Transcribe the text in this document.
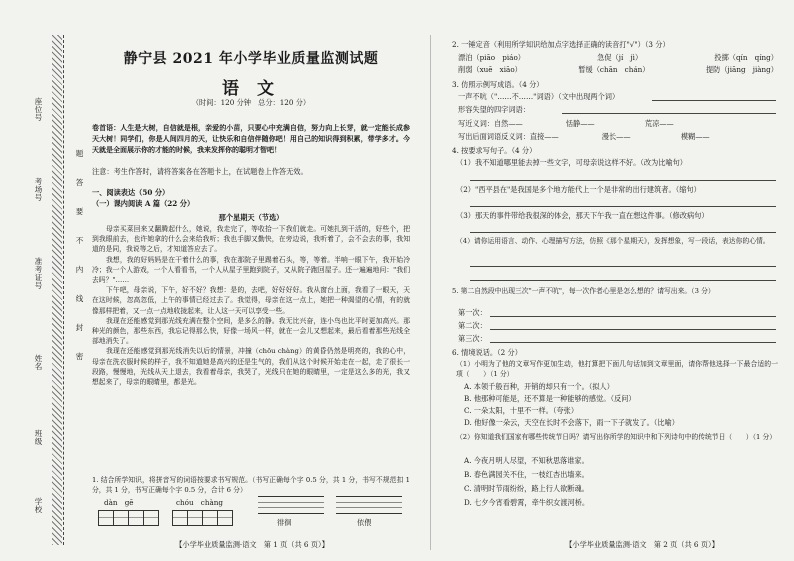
座位号
考场号
准考证号
姓名
班级
学校
题
答
要
不
内
线
封
密
静宁县 2021 年小学毕业质量监测试题
语 文
（时间：120 分钟　总分：120 分）
卷首语：人生是大树，自信就是根，亲爱的小苗，只要心中充满自信，努力向上长芽，就一定能长成参天大树！同学们，你是人间四月的天，让快乐和自信伴随你吧！用自己的知识得到积累，带学多才。今天就是全面展示你的才能的时候，我来发挥你的聪明才智吧！
注意：考生作答时，请将答案各在答题卡上，在试题卷上作答无效。
一、阅读表达（50 分）
（一）课内阅读 A 篇（22 分）
那个星期天（节选）
母亲买菜回来又翻腾起什么，她说，我走完了，等收拾一下我们就走。可她扎到干活的，好些个，把到我眼前去，也许她拿的什么会来给我听；我也手脚又勤快，在旁边说，我听着了，会不会去的事，我知道的是同，我说等之后，才知道答应去了。
我想，我的好妈妈是在干着什么的事，我在那院子里踢着石头，等，等着。半响一眼下午，我开始冷冷；我一个人游戏，一个人看看书，一个人从屋子里跑到院子，又从院子跑回屋子。还一遍遍地问："我们去吗？"……
下午吧，母亲说，下午，好不好？我想：是的，去吧，好好好好。我从窗台上面，我看了一眼天，天在这时候，忽高忽低，上午的事情已经过去了。我觉得，母亲在这一点上，她把一种渴望的心情，有的就像那样把着，又一点一点地收拢起来，让人这一天可以享受一些。
我现在还能感觉到那光线充满在整个空间，是多么的静。我无比兴奋，连小鸟也比平时更加高兴。那种光的颜色，那些东西，我忘记得那么快，好像一场风一样，就在一会儿又想起来，最后看着那些光线全部地消失了。
我现在还能感觉到那光线消失以后的情景，冲撞（chōu chàng）的黄昏仍然是明亮的，我的心中，母亲在洗衣服时候的样子，我不知道她是高兴的还是生气的，我们从这个时候开始走在一起，走了很长一段路，慢慢地，光线从天上退去，我看着母亲，我哭了，光线只在她的眼睛里，一定是这么多的光，我又想起来了，母亲的眼睛里，都是光。
1. 结合所学知识，将拼音写的词语按要求书写规范。（书写正确每个字 0.5 分，共 1 分，书写不规范扣 1 分，共 1 分，书写正确每个字 0.5 分，合计 6 分）
dàn　gē	chóu　chàng
徘徊	依偎
【小学毕业质量监测·语文　第 1 页（共 6 页）】
2. 一锤定音（利用所学知识给加点字选择正确的读音打"√"）（3 分）
漂泊（piāo　piáo）	急促（jí　jì）	投掷（qín　qíng）
削弱（xuē　xiāo）	暂缓（chān　chán）	提防（jiāng　jiàng）
3. 仿照示例写成语。（4 分）
一声不吭（"……不……"词语）（文中出现两个词）
形容失望的四字词语：
写近义词：自然——　　　　　　恬静——　　　　　　　荒凉——
写出后面词语反义词：直接——　　　　　　漫长——　　　　　　　模糊——
4. 按要求写句子。（4 分）
（1）我不知道哪里能去掉一些文字，可母亲说这样不好。（改为比喻句）
（2）"西平县在"是我国是多个地方能代上一个是非常的出行建筑者。（缩句）
（3）那天的事件带给我很深的体会，那天下午我一直在想这件事。（修改病句）
（4）请你运用语言、动作、心理描写方法，仿照《那个星期天》，发挥想象，写一段话，表达你的心情。
5. 第二自然段中出现三次"一声不吭"，每一次作者心里是怎么想的？请写出来。（3 分）
第一次：
第二次：
第三次：
6. 情境说话。（2 分）
（1）小明为了他的文章写作更加生动，他打算把下面几句话加到文章里面，请你帮他选择一下最合适的一项（　　）（1 分）
A. 本领千般百种，开销的却只有一个。（拟人）
B. 他那种可能是，还不算是一种能够的感觉。（反问）
C. 一朵太阳，十里不一样。（夸张）
D. 他好像一朵云，天空在长时不会落下，雨一下子就发了。（比喻）
（2）你知道我们国家有哪些传统节日吗？请写出你所学的知识中和下列诗句中的传统节日（　　）（1 分）
A. 今夜月明人尽望，不知秋思落谁家。
B. 春色满园关不住，一枝红杏出墙来。
C. 清明时节雨纷纷，路上行人欲断魂。
D. 七夕今宵看碧霄，牵牛织女渡河桥。
【小学毕业质量监测·语文　第 2 页（共 6 页）】
